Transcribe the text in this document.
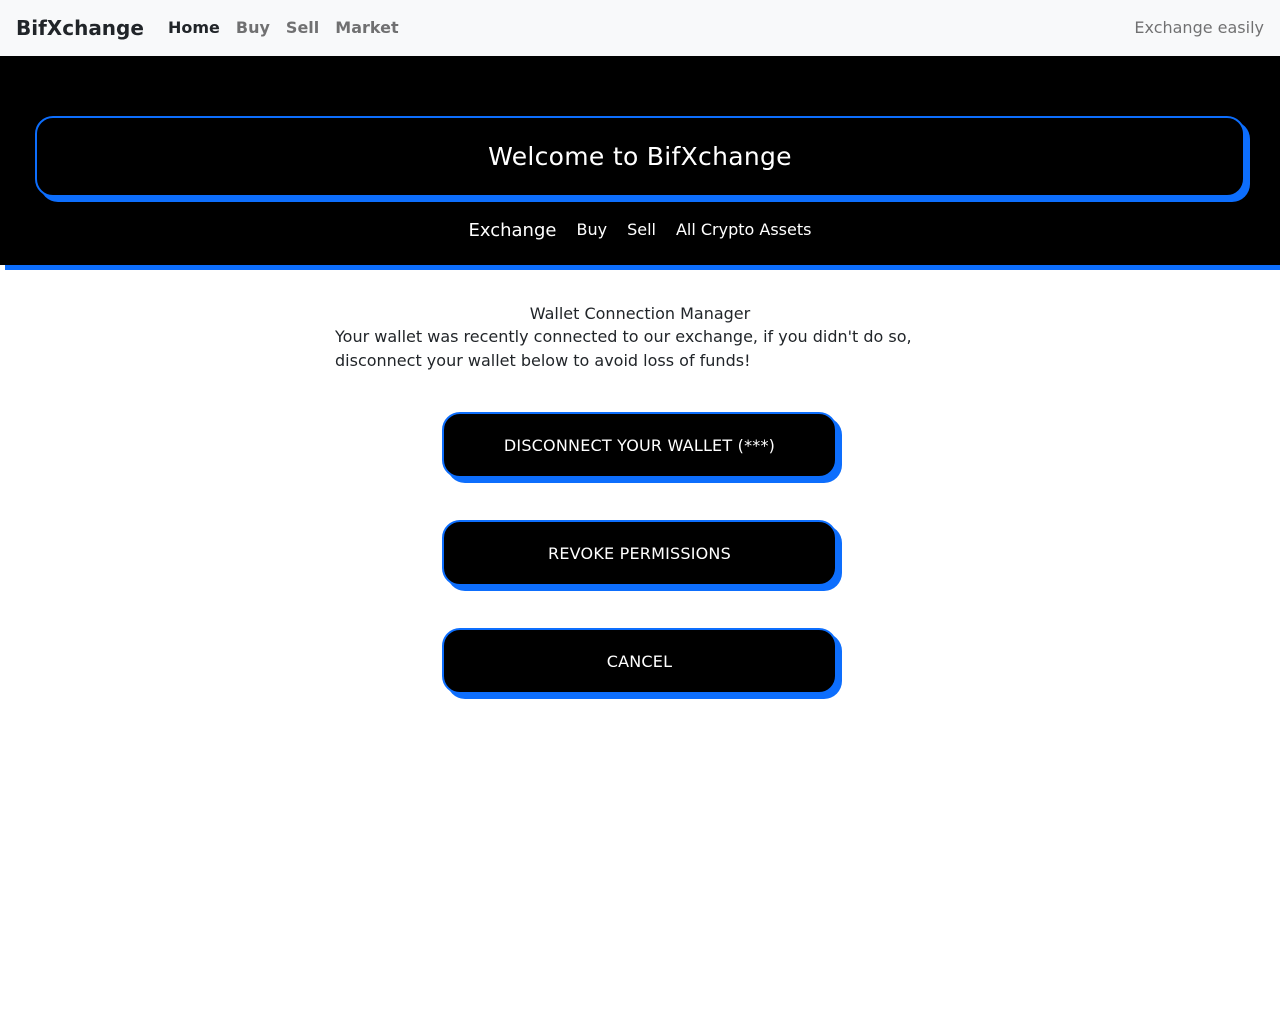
BifXchange	Home	Buy	Sell	Market	Exchange easily
Welcome to BifXchange
Exchange Buy Sell All Crypto Assets

Wallet Connection Manager

Your wallet was recently connected to our exchange, if you didn't do so, disconnect your wallet below to avoid loss of funds!

DISCONNECT YOUR WALLET (***)
REVOKE PERMISSIONS
CANCEL
